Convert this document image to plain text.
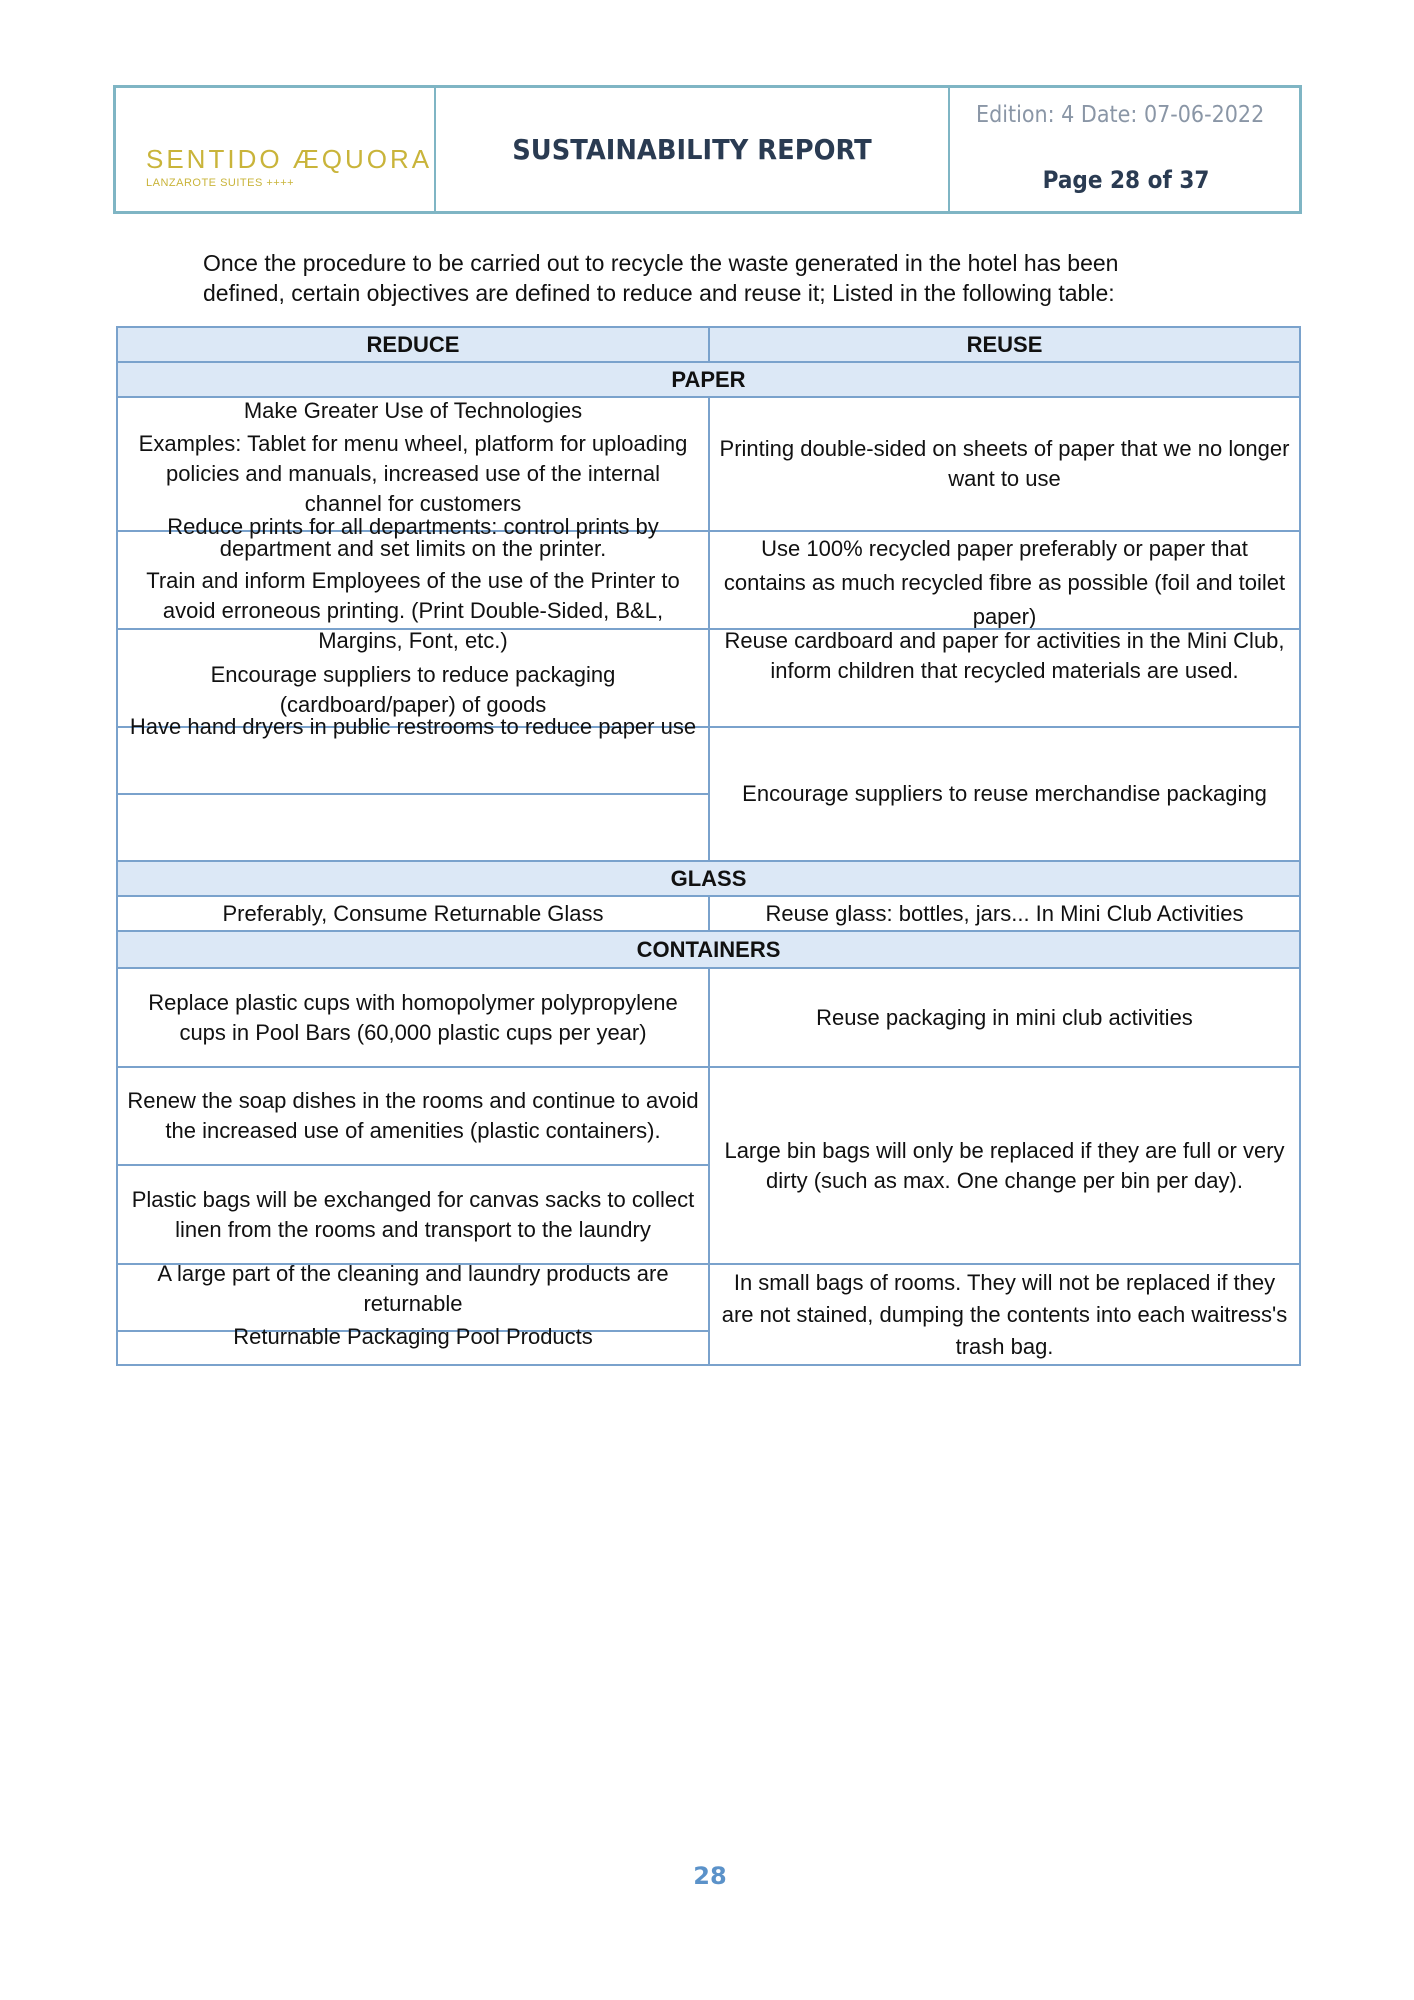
SENTIDO ÆQUORA
LANZAROTE SUITES ++++
SUSTAINABILITY REPORT
Edition: 4 Date: 07-06-2022
Page 28 of 37
Once the procedure to be carried out to recycle the waste generated in the hotel has been defined, certain objectives are defined to reduce and reuse it; Listed in the following table:
REDUCE	REUSE
PAPER
Make Greater Use of Technologies
Examples: Tablet for menu wheel, platform for uploading policies and manuals, increased use of the internal channel for customers
Reduce prints for all departments: control prints by department and set limits on the printer.
Train and inform Employees of the use of the Printer to avoid erroneous printing. (Print Double-Sided, B&L, Margins, Font, etc.)
Encourage suppliers to reduce packaging (cardboard/paper) of goods
Have hand dryers in public restrooms to reduce paper use
Printing double-sided on sheets of paper that we no longer want to use
Use 100% recycled paper preferably or paper that contains as much recycled fibre as possible (foil and toilet paper)
Reuse cardboard and paper for activities in the Mini Club, inform children that recycled materials are used.
Encourage suppliers to reuse merchandise packaging
GLASS
Preferably, Consume Returnable Glass	Reuse glass: bottles, jars... In Mini Club Activities
CONTAINERS
Replace plastic cups with homopolymer polypropylene cups in Pool Bars (60,000 plastic cups per year)
Renew the soap dishes in the rooms and continue to avoid the increased use of amenities (plastic containers).
Plastic bags will be exchanged for canvas sacks to collect linen from the rooms and transport to the laundry
A large part of the cleaning and laundry products are returnable
Returnable Packaging Pool Products
Reuse packaging in mini club activities
Large bin bags will only be replaced if they are full or very dirty (such as max. One change per bin per day).
In small bags of rooms. They will not be replaced if they are not stained, dumping the contents into each waitress's trash bag.
28
